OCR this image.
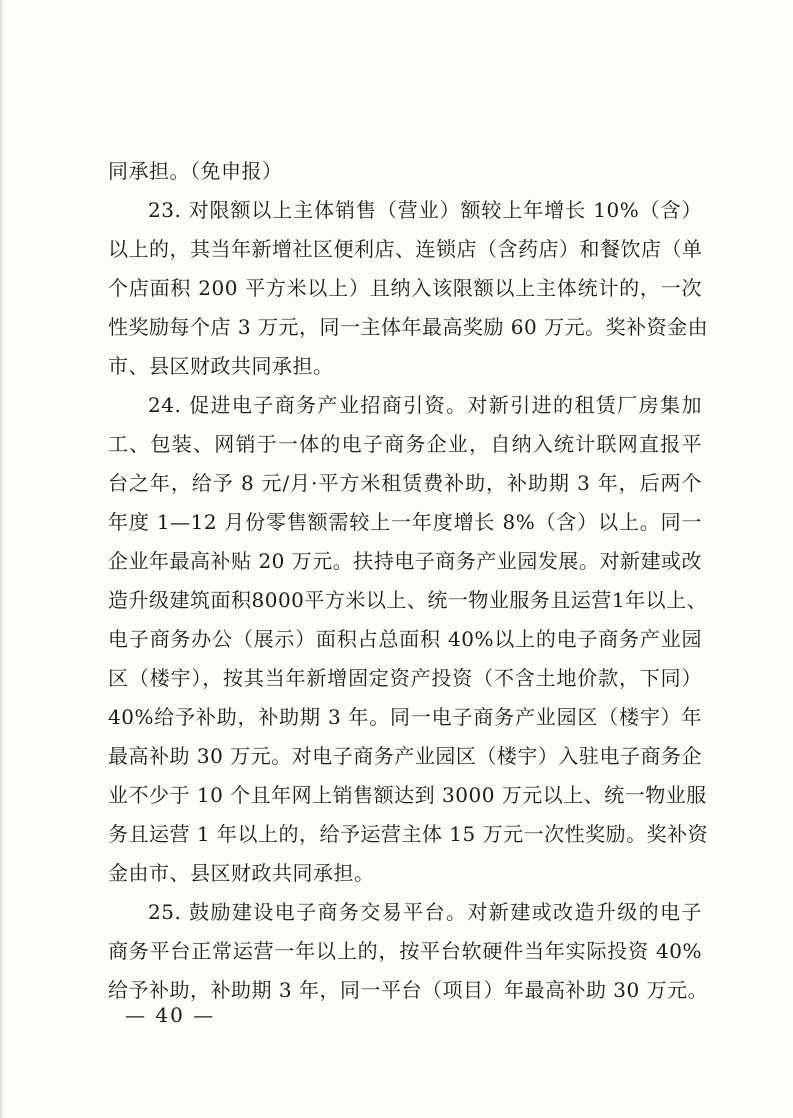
同承担。（免申报）
23. 对限额以上主体销售（营业）额较上年增长 10%（含）
以上的，其当年新增社区便利店、连锁店（含药店）和餐饮店（单
个店面积 200 平方米以上）且纳入该限额以上主体统计的，一次
性奖励每个店 3 万元，同一主体年最高奖励 60 万元。奖补资金由
市、县区财政共同承担。
24. 促进电子商务产业招商引资。对新引进的租赁厂房集加
工、包装、网销于一体的电子商务企业，自纳入统计联网直报平
台之年，给予 8 元/月·平方米租赁费补助，补助期 3 年，后两个
年度 1—12 月份零售额需较上一年度增长 8%（含）以上。同一
企业年最高补贴 20 万元。扶持电子商务产业园发展。对新建或改
造升级建筑面积8000平方米以上、统一物业服务且运营1年以上、
电子商务办公（展示）面积占总面积 40%以上的电子商务产业园
区（楼宇），按其当年新增固定资产投资（不含土地价款，下同）
40%给予补助，补助期 3 年。同一电子商务产业园区（楼宇）年
最高补助 30 万元。对电子商务产业园区（楼宇）入驻电子商务企
业不少于 10 个且年网上销售额达到 3000 万元以上、统一物业服
务且运营 1 年以上的，给予运营主体 15 万元一次性奖励。奖补资
金由市、县区财政共同承担。
25. 鼓励建设电子商务交易平台。对新建或改造升级的电子
商务平台正常运营一年以上的，按平台软硬件当年实际投资 40%
给予补助，补助期 3 年，同一平台（项目）年最高补助 30 万元。
— 40 —
